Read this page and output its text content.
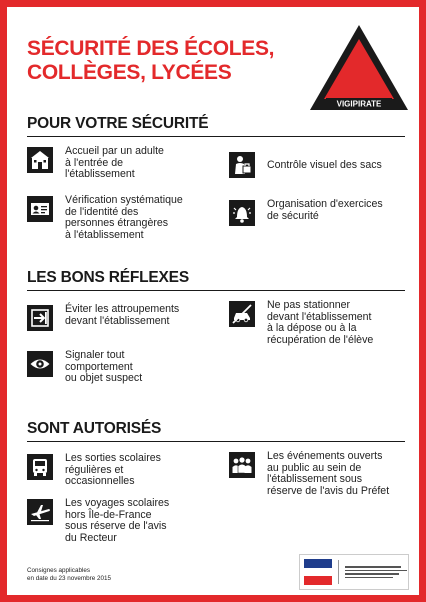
SÉCURITÉ DES ÉCOLES,
COLLÈGES, LYCÉES
VIGIPIRATE
POUR VOTRE SÉCURITÉ
Accueil par un adulte
à l'entrée de
l'établissement
Contrôle visuel des sacs
Vérification systématique
de l'identité des
personnes étrangères
à l'établissement
Organisation d'exercices
de sécurité
LES BONS RÉFLEXES
Éviter les attroupements
devant l'établissement
Ne pas stationner
devant l'établissement
à la dépose ou à la
récupération de l'élève
Signaler tout
comportement
ou objet suspect
SONT AUTORISÉS
Les sorties scolaires
régulières et
occasionnelles
Les événements ouverts
au public au sein de
l'établissement sous
réserve de l'avis du Préfet
Les voyages scolaires
hors Île-de-France
sous réserve de l'avis
du Recteur
Consignes applicables
en date du 23 novembre 2015
